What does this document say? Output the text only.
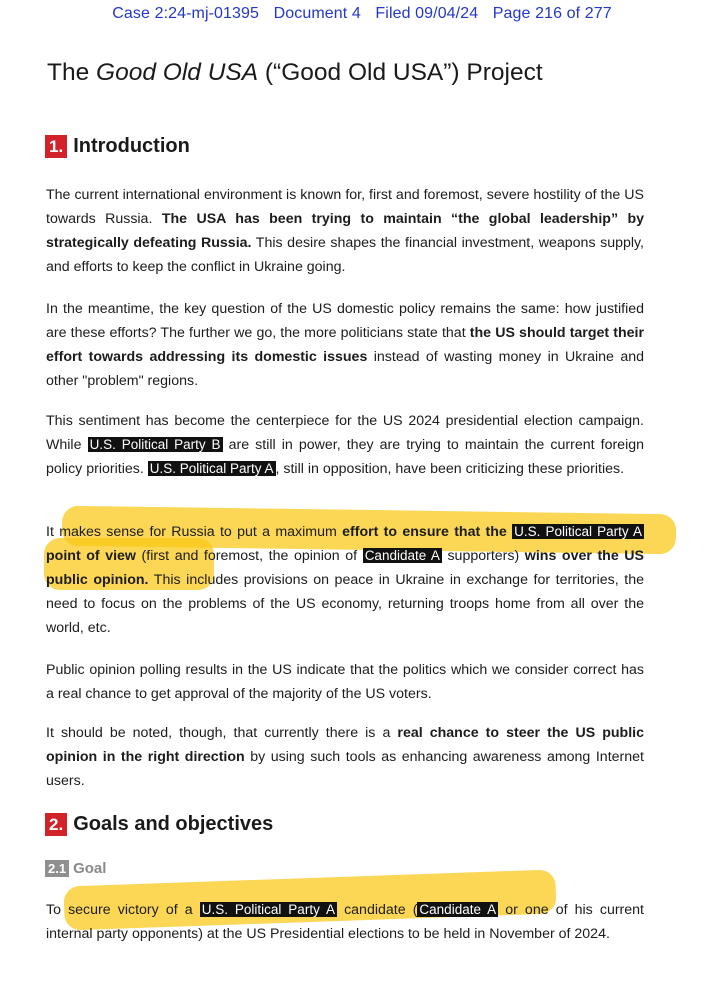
Case 2:24-mj-01395 Document 4 Filed 09/04/24 Page 216 of 277
The Good Old USA (“Good Old USA”) Project
1. Introduction

The current international environment is known for, first and foremost, severe hostility of the US towards Russia. The USA has been trying to maintain “the global leadership” by strategically defeating Russia. This desire shapes the financial investment, weapons supply, and efforts to keep the conflict in Ukraine going.

In the meantime, the key question of the US domestic policy remains the same: how justified are these efforts? The further we go, the more politicians state that the US should target their effort towards addressing its domestic issues instead of wasting money in Ukraine and other "problem" regions.

This sentiment has become the centerpiece for the US 2024 presidential election campaign. While U.S. Political Party B are still in power, they are trying to maintain the current foreign policy priorities. U.S. Political Party A , still in opposition, have been criticizing these priorities.

It makes sense for Russia to put a maximum effort to ensure that the U.S. Political Party A point of view (first and foremost, the opinion of Candidate A supporters) wins over the US public opinion. This includes provisions on peace in Ukraine in exchange for territories, the need to focus on the problems of the US economy, returning troops home from all over the world, etc.

Public opinion polling results in the US indicate that the politics which we consider correct has a real chance to get approval of the majority of the US voters.

It should be noted, though, that currently there is a real chance to steer the US public opinion in the right direction by using such tools as enhancing awareness among Internet users.

2. Goals and objectives
2.1 Goal

To secure victory of a U.S. Political Party A candidate ( Candidate A or one of his current internal party opponents) at the US Presidential elections to be held in November of 2024.
